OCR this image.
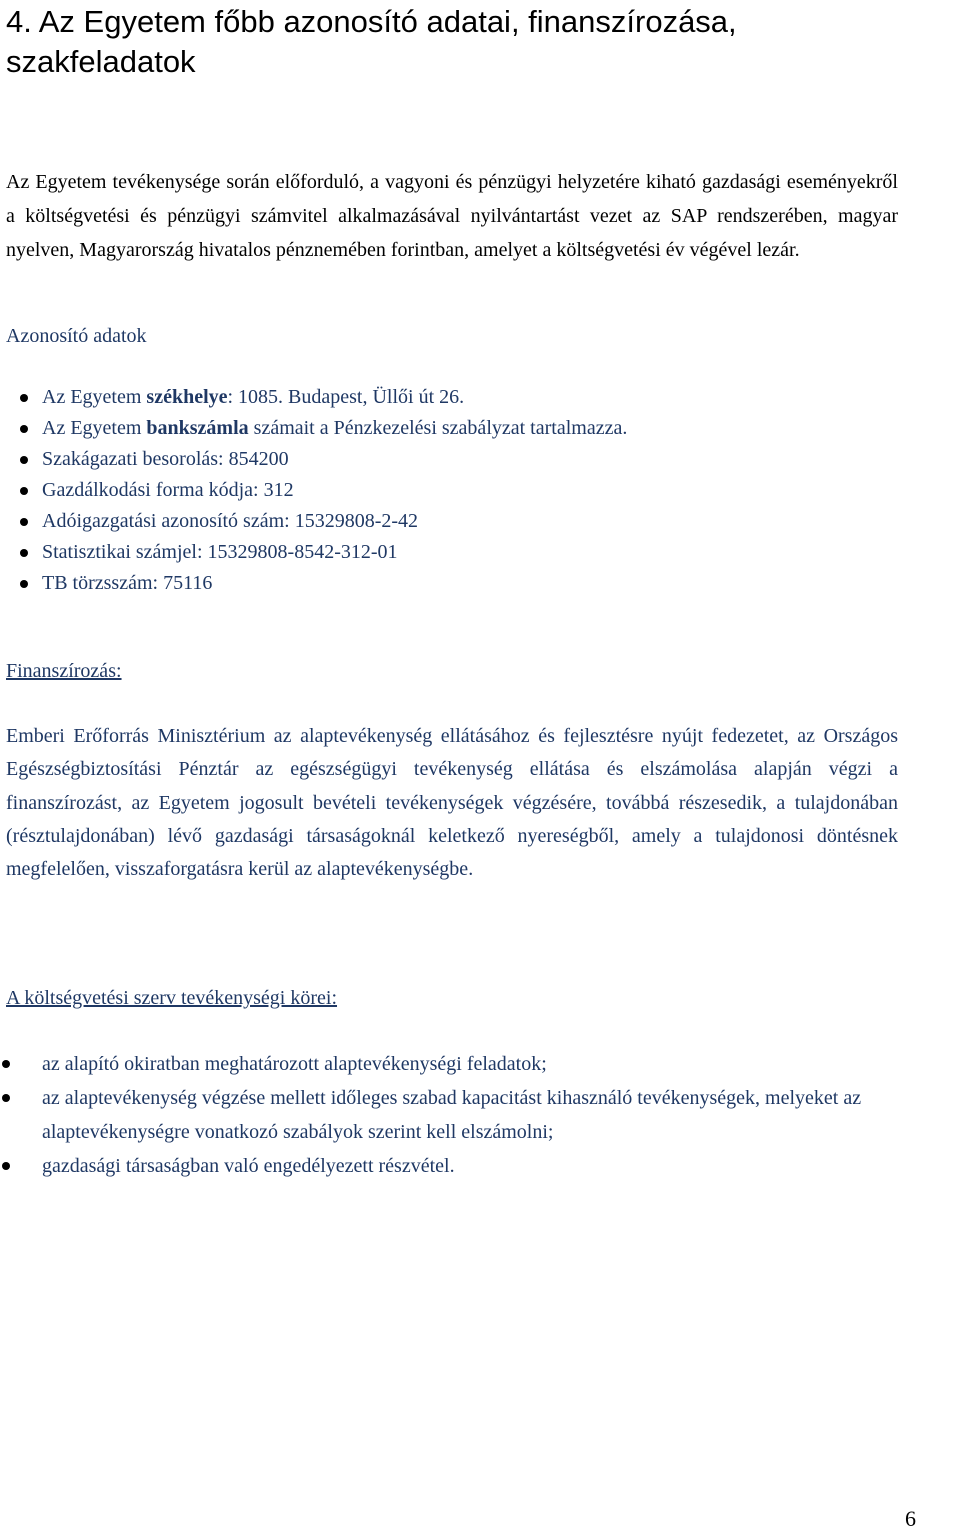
4. Az Egyetem főbb azonosító adatai, finanszírozása, szakfeladatok

Az Egyetem tevékenysége során előforduló, a vagyoni és pénzügyi helyzetére kiható gazdasági eseményekről a költségvetési és pénzügyi számvitel alkalmazásával nyilvántartást vezet az SAP rendszerében, magyar nyelven, Magyarország hivatalos pénznemében forintban, amelyet a költségvetési év végével lezár.

Azonosító adatok

Az Egyetem székhelye: 1085. Budapest, Üllői út 26.
Az Egyetem bankszámla számait a Pénzkezelési szabályzat tartalmazza.
Szakágazati besorolás: 854200
Gazdálkodási forma kódja: 312
Adóigazgatási azonosító szám: 15329808-2-42
Statisztikai számjel: 15329808-8542-312-01
TB törzsszám: 75116

Finanszírozás:

Emberi Erőforrás Minisztérium az alaptevékenység ellátásához és fejlesztésre nyújt fedezetet, az Országos Egészségbiztosítási Pénztár az egészségügyi tevékenység ellátása és elszámolása alapján végzi a finanszírozást, az Egyetem jogosult bevételi tevékenységek végzésére, továbbá részesedik, a tulajdonában (résztulajdonában) lévő gazdasági társaságoknál keletkező nyereségből, amely a tulajdonosi döntésnek megfelelően, visszaforgatásra kerül az alaptevékenységbe.

A költségvetési szerv tevékenységi körei:

az alapító okiratban meghatározott alaptevékenységi feladatok;
az alaptevékenység végzése mellett időleges szabad kapacitást kihasználó tevékenységek, melyeket az alaptevékenységre vonatkozó szabályok szerint kell elszámolni;
gazdasági társaságban való engedélyezett részvétel.

6
